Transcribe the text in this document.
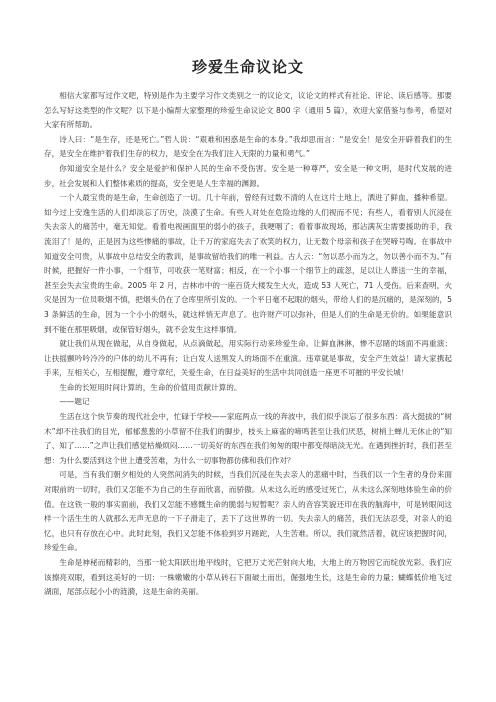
珍爱生命议论文

相信大家都写过作文吧，特别是作为主要学习作文类别之一的议论文，议论文的样式有社论、评论、读后感等。那要怎么写好这类型的作文呢？以下是小编帮大家整理的珍爱生命议论文 800 字（通用 5 篇），欢迎大家借鉴与参考，希望对大家有所帮助。

诗人曰：“是生存，还是死亡。”哲人说：“艰难和困惑是生命的本身。”我却思而言：“是安全！是安全开辟着我们的生存，是安全在维护着我们生存的权力，是安全在为我们注入无限的力量和勇气。”

你知道安全是什么？安全是爱护和保护人民的生命不受伤害。安全是一种尊严，安全是一种文明，是时代发展的进步，社会发展和人们整体素质的提高，安全更是人生幸福的渊源。

一个人最宝贵的是生命，生命创造了一切。几十年前，曾经有过数不清的人在这片土地上，洒进了鲜血，播种希望。如今过上安逸生活的人们却淡忘了历史，淡漠了生命。有些人对处在危险边缘的人们视而不见；有些人，看着别人沉浸在失去亲人的痛苦中，毫无知觉。看着电视画面里的弱小的孩子，我哽咽了；看着事故现场，那沾满灰尘需要援助的手，我流泪了！是的，正是因为这些惨痛的事故，让千万的家庭失去了欢笑的权力，让无数个母亲和孩子在哭啼号啕。在事故中知道安全可贵，从事故中总结安全的教训，是事故留给我们的唯一利益。古人云：“勿以恶小而为之，勿以善小而不为。”有时候，把握好一件小事，一个细节，可收获一笔财富；相反，在一个小事一个细节上的疏忽，足以让人葬送一生的幸福，甚至会失去宝贵的生命。2005 年 2 月，吉林市中的一座百货大楼发生大火，造成 53 人死亡，71 人受伤。后来查明，火灾是因为一位员吸烟不慎，把烟头仍在了仓库里所引发的。一个平日毫不起眼的烟头，带给人们的是沉痛的，是深刻的，53 条鲜活的生命，因为一个小小的烟头，就这样悄无声息了。也许财产可以弥补，但是人们的生命是无价的。如果能意识到不能在那里吸烟，或保管好烟头，就不会发生这样事情。

就让我们从现在做起，从自身做起，从点滴做起，用实际行动来珍爱生命。让鲜血淋淋，惨不忍睹的场面不再重演；让扶摇颤吟吟冷冷的户体的幼儿不再有；让白发人送黑发人的场面不在重演。违章就是事故，安全产生效益！请大家携起手来，互相关心，互相提醒，遵守章纪，关爱生命，在日益美好的生活中共同创造一座更不可摧的平安长城！

生命的长短用时间计算的，生命的价值用贡献计算的。

——题记

生活在这个快节奏的现代社会中，忙碌于学校——家庭两点一线的奔波中，我们似乎淡忘了很多东西：高大挺拔的“树木”却不往我们的目光，郁郁葱葱的小草留不住我们的脚步，枝头上麻雀的啼鸣甚至让我们厌恶，树梢上蝉儿无休止的“知了、知了……”之声让我们感觉枯燥烦闷……一切美好的东西在我们匆匆的眼中都变得暗淡无光。在遇到挫折时，我们甚至想：为什么要活到这个世上遭受苦难，为什么一切事物都仿佛和我们作对？

可是，当有我们朝夕相处的人突然间消失的时候，当我们沉浸在失去亲人的悲痛中时，当我们以一个生者的身份来面对眼前的一切时，我们又怎能不为自己的生存而欣喜，而骄傲。从未这么近的感受过死亡，从未这么深刻地体验生命的价值。在这铁一般的事实面前，我们又怎能不感慨生命的脆弱与短暂呢？亲人的音容笑貌还印在我的脑海中，可是转眼间这样一个活生生的人就那么无声无息的一下子滑走了，丢下了这世界的一切。失去亲人的痛苦，我们无法忍受，对亲人的追忆，也只有存放在心中。此时此刻，我们又怎能不体验到岁月蹉跎，人生苦难。所以，我们就然活着，就应该把握时间，珍爱生命。

生命是神秘而精彩的，当那一轮太阳跃出地平线时，它把万丈光芒射向大地，大地上的万物因它而绽放光彩。我们应该擦亮双眼，看到这美好的一切：一株嫩嫩的小草从砖石下面破土而出，倔强地生长，这是生命的力量；蝴蝶低价地飞过湖面，尾部点起小小的涟漪，这是生命的美丽。
